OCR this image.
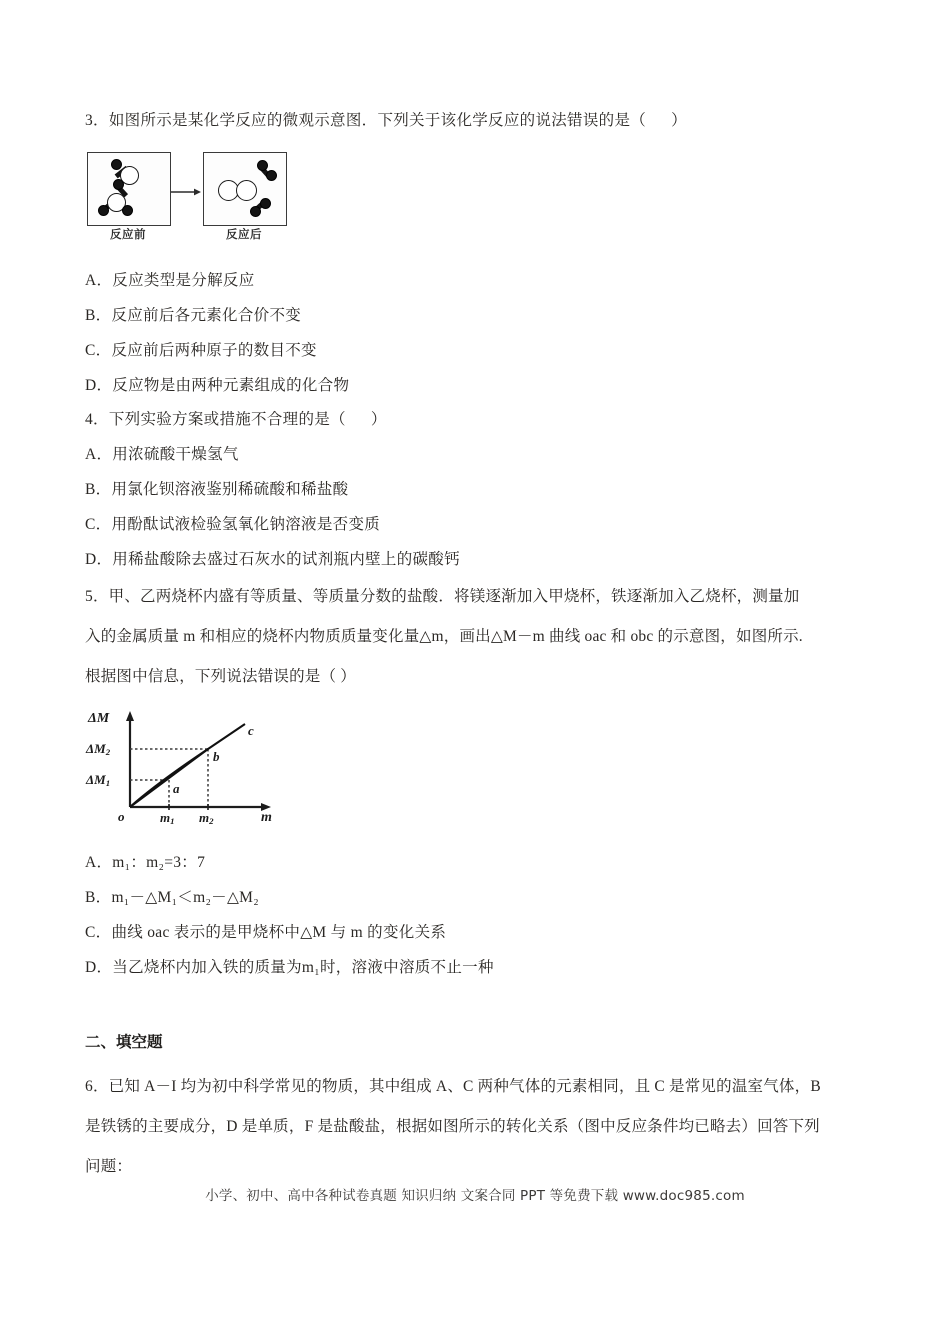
3．如图所示是某化学反应的微观示意图．下列关于该化学反应的说法错误的是（      ）
反应前	反应后
A．反应类型是分解反应
B．反应前后各元素化合价不变
C．反应前后两种原子的数目不变
D．反应物是由两种元素组成的化合物
4．下列实验方案或措施不合理的是（      ）
A．用浓硫酸干燥氢气
B．用氯化钡溶液鉴别稀硫酸和稀盐酸
C．用酚酞试液检验氢氧化钠溶液是否变质
D．用稀盐酸除去盛过石灰水的试剂瓶内壁上的碳酸钙
5．甲、乙两烧杯内盛有等质量、等质量分数的盐酸．将镁逐渐加入甲烧杯，铁逐渐加入乙烧杯，测量加
入的金属质量 m 和相应的烧杯内物质质量变化量△m，画出△M－m 曲线 oac 和 obc 的示意图，如图所示.
根据图中信息，下列说法错误的是（ ）
ΔM
$\Delta M_2$
$\Delta M_1$
o	$m_1$ $m_2$	m
a
b
c
A．m₁：m₂=3：7
B．m₁－△M₁＜m₂－△M₂
C．曲线 oac 表示的是甲烧杯中△M 与 m 的变化关系
D．当乙烧杯内加入铁的质量为m₁时，溶液中溶质不止一种
二、填空题
6．已知 A－I 均为初中科学常见的物质，其中组成 A、C 两种气体的元素相同，且 C 是常见的温室气体，B
是铁锈的主要成分，D 是单质，F 是盐酸盐，根据如图所示的转化关系（图中反应条件均已略去）回答下列
问题：
小学、初中、高中各种试卷真题 知识归纳 文案合同 PPT 等免费下载 www.doc985.com
